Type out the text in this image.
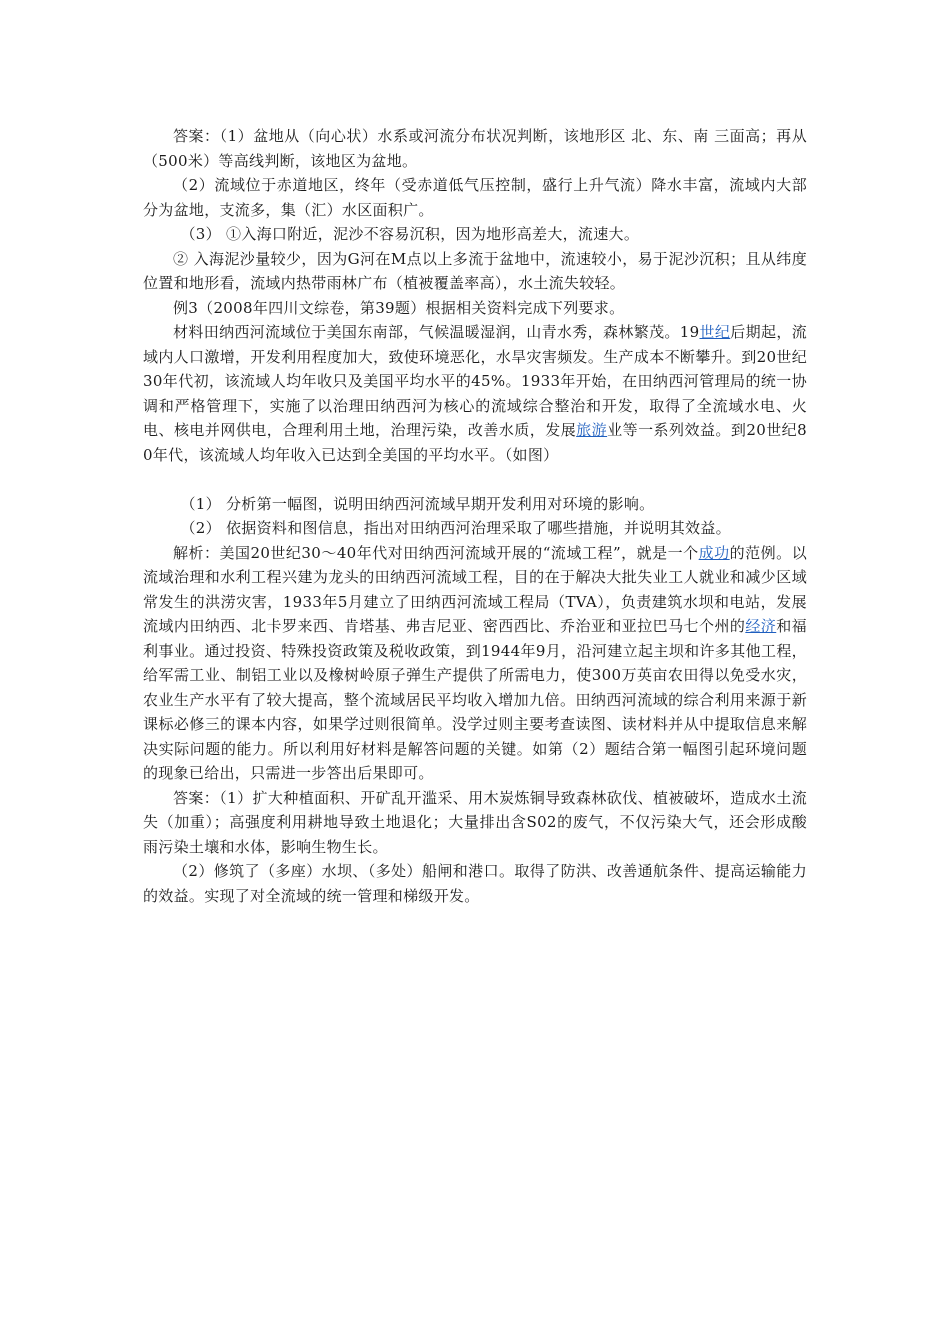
答案：（1）盆地从（向心状）水系或河流分布状况判断，该地形区 北、东、南 三面高；再从（500米）等高线判断，该地区为盆地。

（2）流域位于赤道地区，终年（受赤道低气压控制，盛行上升气流）降水丰富，流域内大部分为盆地，支流多，集（汇）水区面积广。

（3） ①入海口附近，泥沙不容易沉积，因为地形高差大，流速大。

② 入海泥沙量较少，因为G河在M点以上多流于盆地中，流速较小，易于泥沙沉积；且从纬度位置和地形看，流域内热带雨林广布（植被覆盖率高），水土流失较轻。

例3（2008年四川文综卷，第39题）根据相关资料完成下列要求。

材料田纳西河流域位于美国东南部，气候温暖湿润，山青水秀，森林繁茂。19世纪后期起，流域内人口激增，开发利用程度加大，致使环境恶化，水旱灾害频发。生产成本不断攀升。到20世纪30年代初，该流域人均年收只及美国平均水平的45%。1933年开始，在田纳西河管理局的统一协调和严格管理下，实施了以治理田纳西河为核心的流域综合整治和开发，取得了全流域水电、火电、核电并网供电，合理利用土地，治理污染，改善水质，发展旅游业等一系列效益。到20世纪80年代，该流域人均年收入已达到全美国的平均水平。（如图）

（1） 分析第一幅图，说明田纳西河流域早期开发利用对环境的影响。

（2） 依据资料和图信息，指出对田纳西河治理采取了哪些措施，并说明其效益。

解析：美国20世纪30～40年代对田纳西河流域开展的“流域工程”，就是一个成功的范例。以流域治理和水利工程兴建为龙头的田纳西河流域工程，目的在于解决大批失业工人就业和减少区域常发生的洪涝灾害，1933年5月建立了田纳西河流域工程局（TVA），负责建筑水坝和电站，发展流域内田纳西、北卡罗来西、肯塔基、弗吉尼亚、密西西比、乔治亚和亚拉巴马七个州的经济和福利事业。通过投资、特殊投资政策及税收政策，到1944年9月，沿河建立起主坝和许多其他工程，给军需工业、制铝工业以及橡树岭原子弹生产提供了所需电力，使300万英亩农田得以免受水灾，农业生产水平有了较大提高，整个流域居民平均收入增加九倍。田纳西河流域的综合利用来源于新课标必修三的课本内容，如果学过则很简单。没学过则主要考查读图、读材料并从中提取信息来解决实际问题的能力。所以利用好材料是解答问题的关键。如第（2）题结合第一幅图引起环境问题的现象已给出，只需进一步答出后果即可。

答案：（1）扩大种植面积、开矿乱开滥采、用木炭炼铜导致森林砍伐、植被破坏，造成水土流失（加重）；高强度利用耕地导致土地退化；大量排出含S02的废气，不仅污染大气，还会形成酸雨污染土壤和水体，影响生物生长。

（2）修筑了（多座）水坝、（多处）船闸和港口。取得了防洪、改善通航条件、提高运输能力的效益。实现了对全流域的统一管理和梯级开发。
